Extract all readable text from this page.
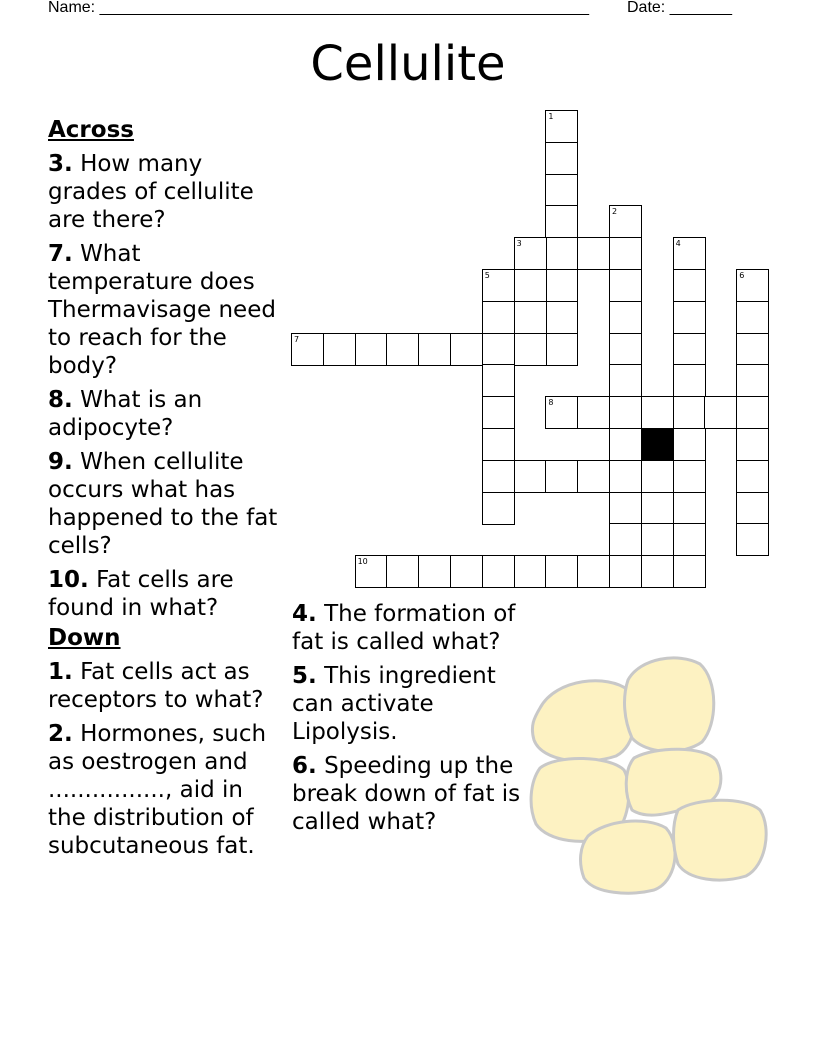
Name: _______________________________________________________ Date: _______
Cellulite
1
2
3	4
5	6
7
8
10
Across
3. How many grades of cellulite are there?
7. What temperature does Thermavisage need to reach for the body?
8. What is an adipocyte?
9. When cellulite occurs what has happened to the fat cells?
10. Fat cells are found in what?
Down
1. Fat cells act as receptors to what?
2. Hormones, such as oestrogen and ................, aid in the distribution of subcutaneous fat.
4. The formation of fat is called what?
5. This ingredient can activate Lipolysis.
6. Speeding up the break down of fat is called what?
